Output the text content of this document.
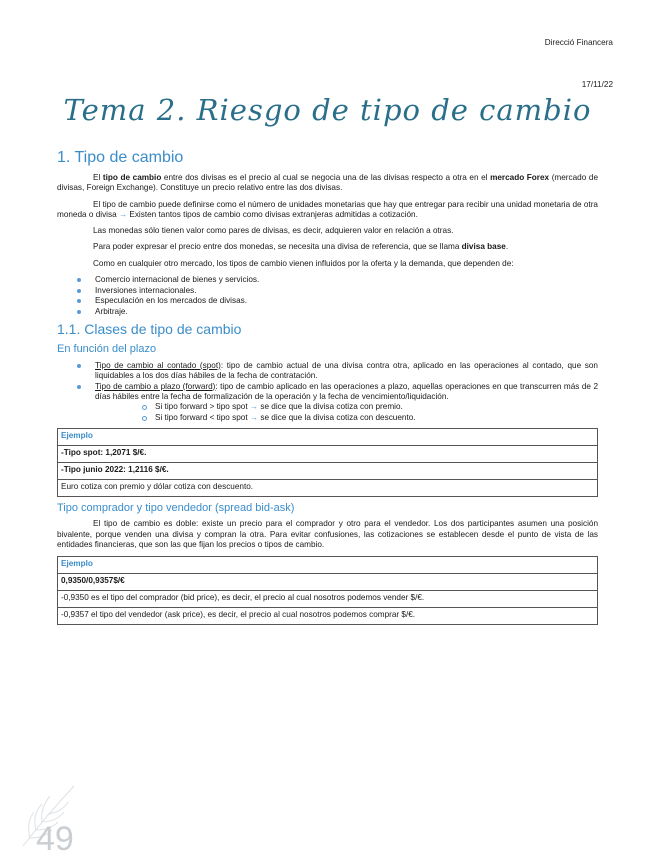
Direcció Financera
17/11/22
Tema 2. Riesgo de tipo de cambio
1. Tipo de cambio

El tipo de cambio entre dos divisas es el precio al cual se negocia una de las divisas respecto a otra en el mercado Forex (mercado de divisas, Foreign Exchange). Constituye un precio relativo entre las dos divisas.

El tipo de cambio puede definirse como el número de unidades monetarias que hay que entregar para recibir una unidad monetaria de otra moneda o divisa → Existen tantos tipos de cambio como divisas extranjeras admitidas a cotización.

Las monedas sólo tienen valor como pares de divisas, es decir, adquieren valor en relación a otras.

Para poder expresar el precio entre dos monedas, se necesita una divisa de referencia, que se llama divisa base.

Como en cualquier otro mercado, los tipos de cambio vienen influidos por la oferta y la demanda, que dependen de:

Comercio internacional de bienes y servicios.
Inversiones internacionales.
Especulación en los mercados de divisas.
Arbitraje.
1.1. Clases de tipo de cambio
En función del plazo
Tipo de cambio al contado (spot): tipo de cambio actual de una divisa contra otra, aplicado en las operaciones al contado, que son liquidables a los dos días hábiles de la fecha de contratación.
Tipo de cambio a plazo (forward): tipo de cambio aplicado en las operaciones a plazo, aquellas operaciones en que transcurren más de 2 días hábiles entre la fecha de formalización de la operación y la fecha de vencimiento/liquidación.
Si tipo forward > tipo spot → se dice que la divisa cotiza con premio.
Si tipo forward < tipo spot → se dice que la divisa cotiza con descuento.
Ejemplo
-Tipo spot: 1,2071 $/€.
-Tipo junio 2022: 1,2116 $/€.
Euro cotiza con premio y dólar cotiza con descuento.
Tipo comprador y tipo vendedor (spread bid-ask)

El tipo de cambio es doble: existe un precio para el comprador y otro para el vendedor. Los dos participantes asumen una posición bivalente, porque venden una divisa y compran la otra. Para evitar confusiones, las cotizaciones se establecen desde el punto de vista de las entidades financieras, que son las que fijan los precios o tipos de cambio.

Ejemplo
0,9350/0,9357$/€
-0,9350 es el tipo del comprador (bid price), es decir, el precio al cual nosotros podemos vender $/€.
-0,9357 el tipo del vendedor (ask price), es decir, el precio al cual nosotros podemos comprar $/€.
49
